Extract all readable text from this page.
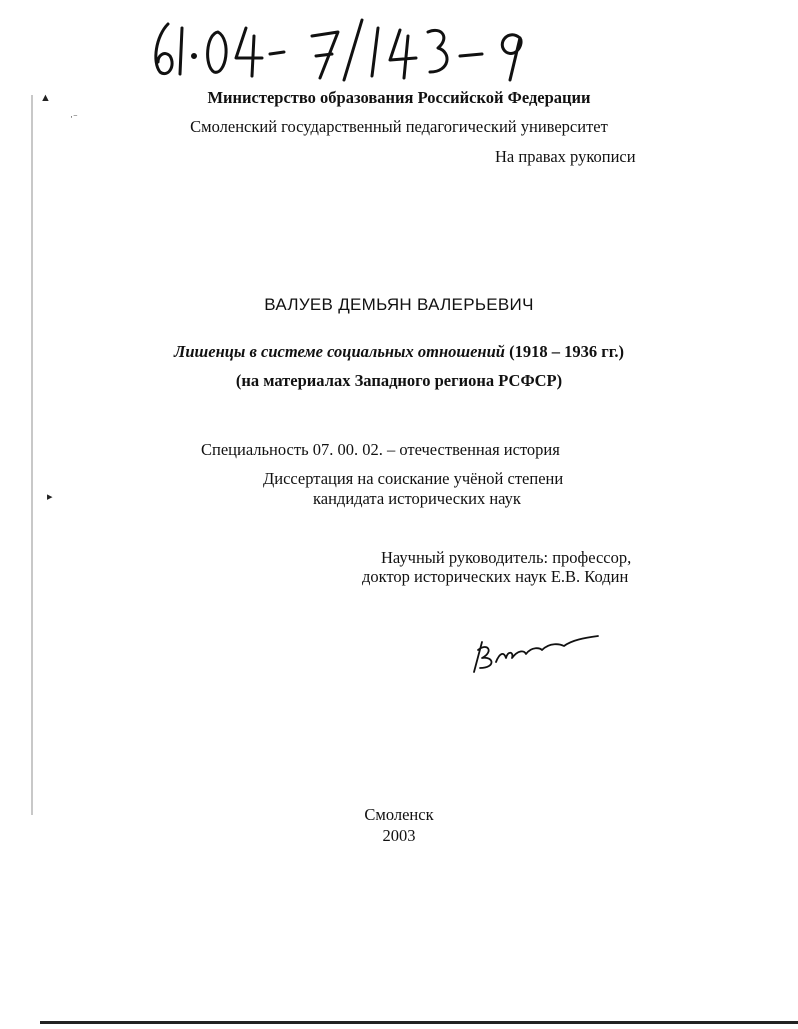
▲
▸
·⁻
Министерство образования Российской Федерации
Смоленский государственный педагогический университет
На правах рукописи
ВАЛУЕВ ДЕМЬЯН ВАЛЕРЬЕВИЧ
Лишенцы в системе социальных отношений (1918 – 1936 гг.)
(на материалах Западного региона РСФСР)
Специальность 07. 00. 02. – отечественная история
Диссертация на соискание учёной степени
кандидата исторических наук
Научный руководитель: профессор,
доктор исторических наук Е.В. Кодин
Смоленск
2003
